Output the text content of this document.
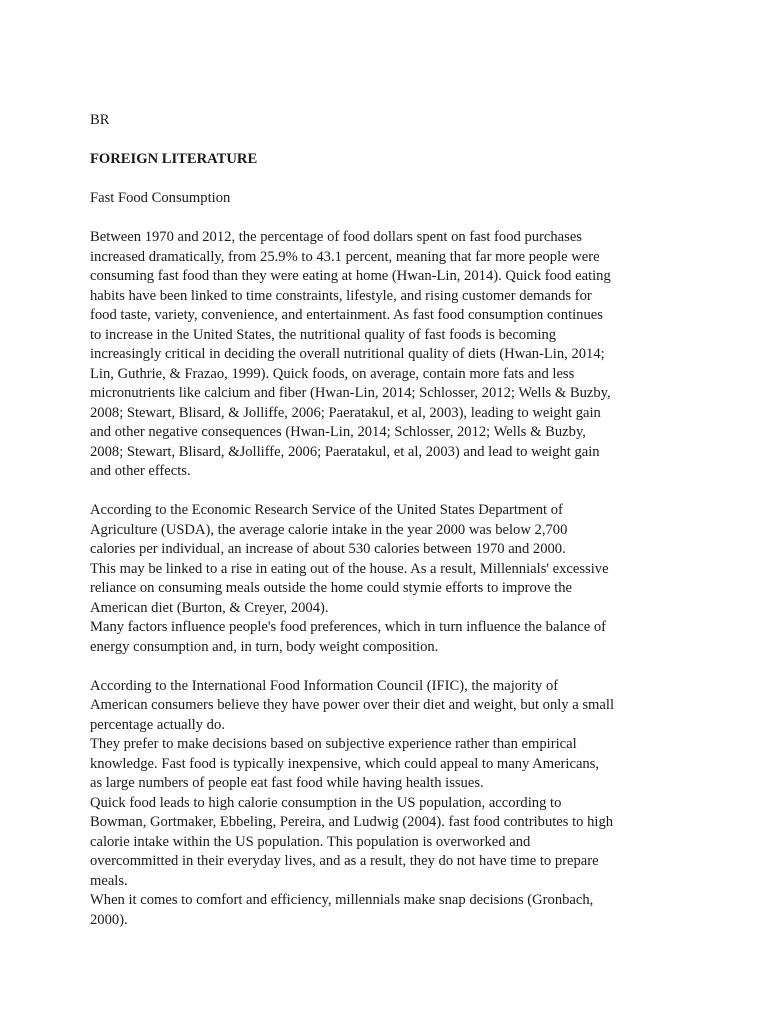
BR
FOREIGN LITERATURE
Fast Food Consumption
Between 1970 and 2012, the percentage of food dollars spent on fast food purchases
increased dramatically, from 25.9% to 43.1 percent, meaning that far more people were
consuming fast food than they were eating at home (Hwan-Lin, 2014). Quick food eating
habits have been linked to time constraints, lifestyle, and rising customer demands for
food taste, variety, convenience, and entertainment. As fast food consumption continues
to increase in the United States, the nutritional quality of fast foods is becoming
increasingly critical in deciding the overall nutritional quality of diets (Hwan-Lin, 2014;
Lin, Guthrie, & Frazao, 1999). Quick foods, on average, contain more fats and less
micronutrients like calcium and fiber (Hwan-Lin, 2014; Schlosser, 2012; Wells & Buzby,
2008; Stewart, Blisard, & Jolliffe, 2006; Paeratakul, et al, 2003), leading to weight gain
and other negative consequences (Hwan-Lin, 2014; Schlosser, 2012; Wells & Buzby,
2008; Stewart, Blisard, &Jolliffe, 2006; Paeratakul, et al, 2003) and lead to weight gain
and other effects.
According to the Economic Research Service of the United States Department of
Agriculture (USDA), the average calorie intake in the year 2000 was below 2,700
calories per individual, an increase of about 530 calories between 1970 and 2000.
This may be linked to a rise in eating out of the house. As a result, Millennials' excessive
reliance on consuming meals outside the home could stymie efforts to improve the
American diet (Burton, & Creyer, 2004).
Many factors influence people's food preferences, which in turn influence the balance of
energy consumption and, in turn, body weight composition.
According to the International Food Information Council (IFIC), the majority of
American consumers believe they have power over their diet and weight, but only a small
percentage actually do.
They prefer to make decisions based on subjective experience rather than empirical
knowledge. Fast food is typically inexpensive, which could appeal to many Americans,
as large numbers of people eat fast food while having health issues.
Quick food leads to high calorie consumption in the US population, according to
Bowman, Gortmaker, Ebbeling, Pereira, and Ludwig (2004). fast food contributes to high
calorie intake within the US population. This population is overworked and
overcommitted in their everyday lives, and as a result, they do not have time to prepare
meals.
When it comes to comfort and efficiency, millennials make snap decisions (Gronbach,
2000).
